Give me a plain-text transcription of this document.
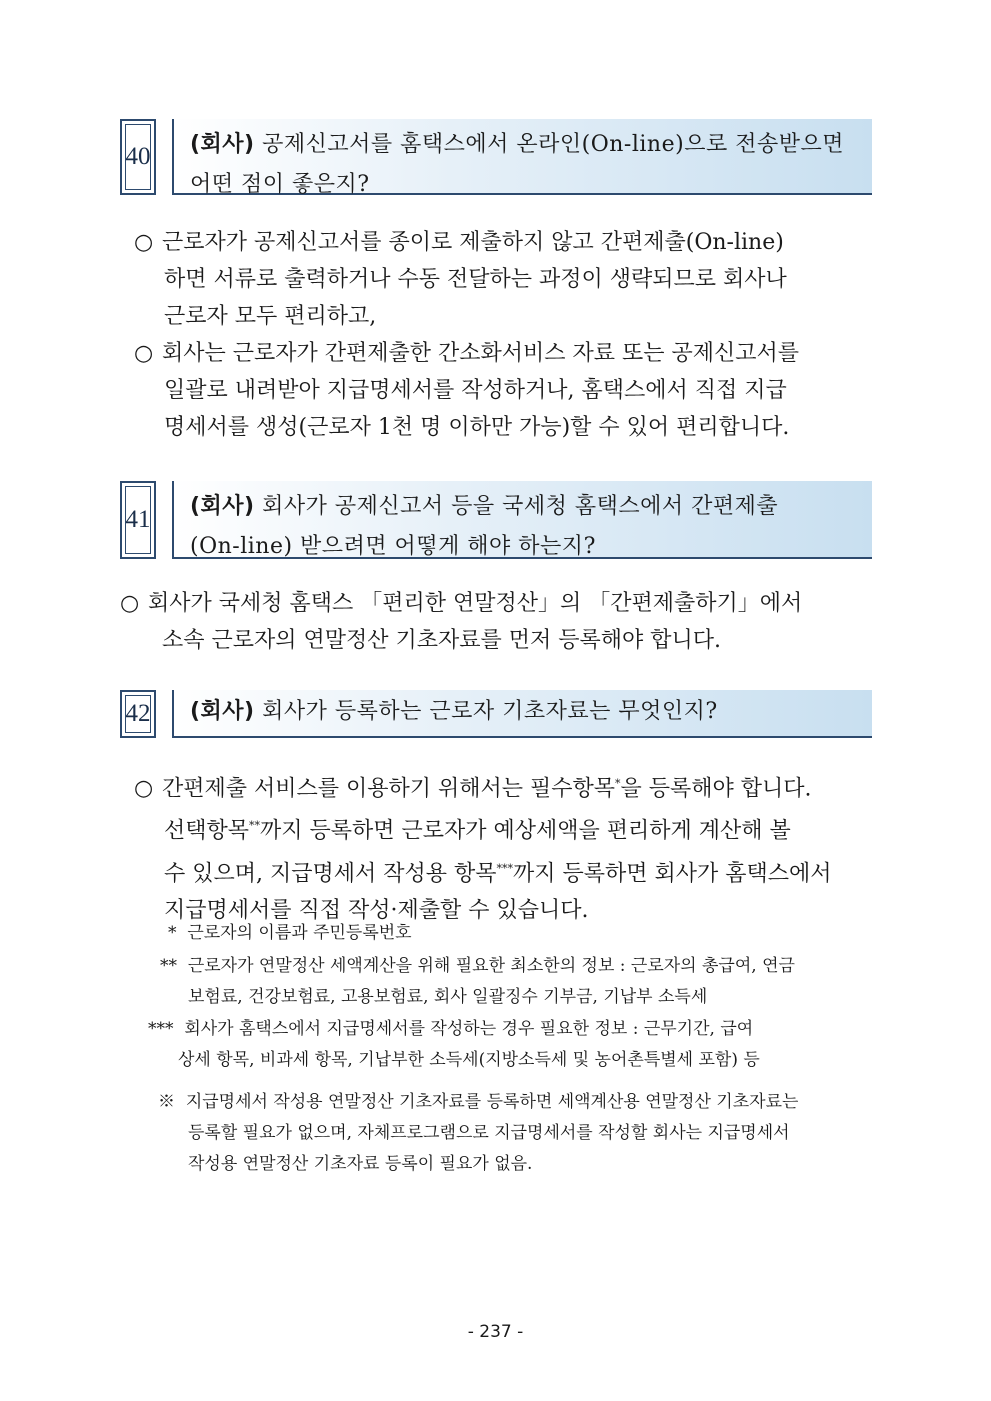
40	(회사) 공제신고서를 홈택스에서 온라인(On-line)으로 전송받으면
어떤 점이 좋은지?
○ 근로자가 공제신고서를 종이로 제출하지 않고 간편제출(On-line)
하면 서류로 출력하거나 수동 전달하는 과정이 생략되므로 회사나
근로자 모두 편리하고,
○ 회사는 근로자가 간편제출한 간소화서비스 자료 또는 공제신고서를
일괄로 내려받아 지급명세서를 작성하거나, 홈택스에서 직접 지급
명세서를 생성(근로자 1천 명 이하만 가능)할 수 있어 편리합니다.
41	(회사) 회사가 공제신고서 등을 국세청 홈택스에서 간편제출
(On-line) 받으려면 어떻게 해야 하는지?
○ 회사가 국세청 홈택스 「편리한 연말정산」의 「간편제출하기」에서
소속 근로자의 연말정산 기초자료를 먼저 등록해야 합니다.
42	(회사) 회사가 등록하는 근로자 기초자료는 무엇인지?
○ 간편제출 서비스를 이용하기 위해서는 필수항목*을 등록해야 합니다.
선택항목**까지 등록하면 근로자가 예상세액을 편리하게 계산해 볼
수 있으며, 지급명세서 작성용 항목***까지 등록하면 회사가 홈택스에서
지급명세서를 직접 작성·제출할 수 있습니다.
* 근로자의 이름과 주민등록번호
** 근로자가 연말정산 세액계산을 위해 필요한 최소한의 정보 : 근로자의 총급여, 연금
보험료, 건강보험료, 고용보험료, 회사 일괄징수 기부금, 기납부 소득세
*** 회사가 홈택스에서 지급명세서를 작성하는 경우 필요한 정보 : 근무기간, 급여
상세 항목, 비과세 항목, 기납부한 소득세(지방소득세 및 농어촌특별세 포함) 등
※ 지급명세서 작성용 연말정산 기초자료를 등록하면 세액계산용 연말정산 기초자료는
등록할 필요가 없으며, 자체프로그램으로 지급명세서를 작성할 회사는 지급명세서
작성용 연말정산 기초자료 등록이 필요가 없음.
- 237 -
